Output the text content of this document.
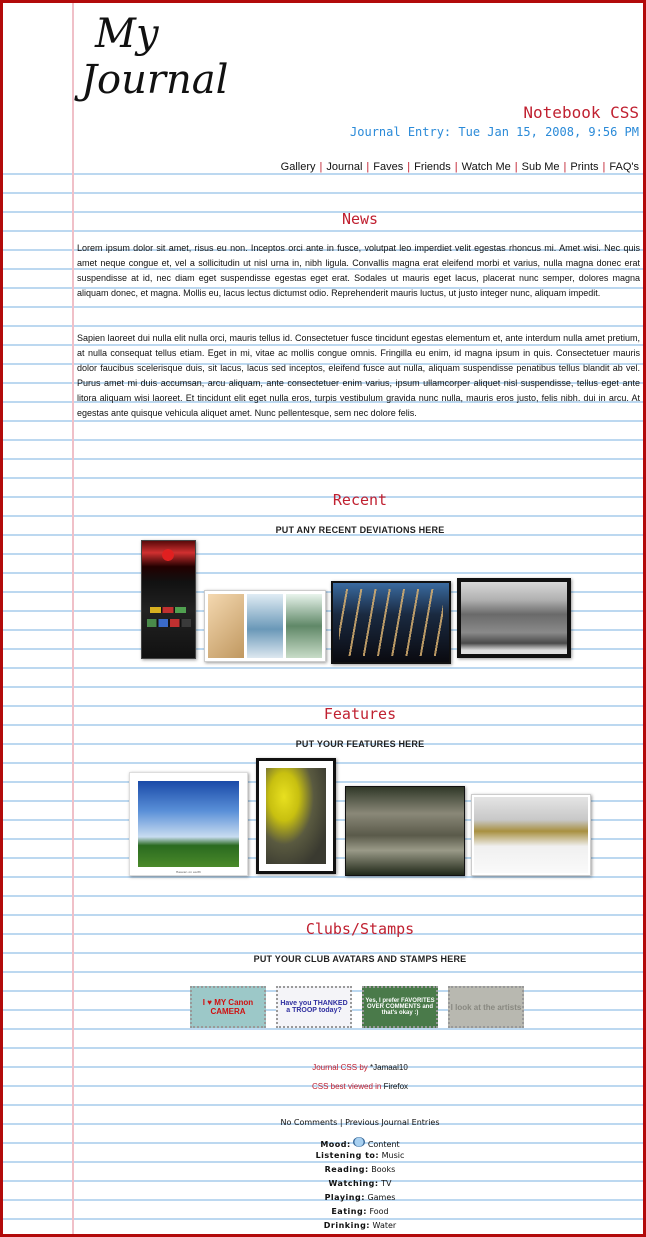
My
Journal
Notebook CSS
Journal Entry: Tue Jan 15, 2008, 9:56 PM
Gallery | Journal | Faves | Friends | Watch Me | Sub Me | Prints | FAQ's
News
Lorem ipsum dolor sit amet, risus eu non. Inceptos orci ante in fusce, volutpat leo imperdiet velit egestas rhoncus mi. Amet wisi. Nec quis amet neque congue et, vel a sollicitudin ut nisl urna in, nibh ligula. Convallis magna erat eleifend morbi et varius, nulla magna donec erat suspendisse at id, nec diam eget suspendisse egestas eget erat. Sodales ut mauris eget lacus, placerat nunc semper, dolores magna aliquam donec, et magna. Mollis eu, lacus lectus dictumst odio. Reprehenderit mauris luctus, ut justo integer nunc, aliquam impedit.
Sapien laoreet dui nulla elit nulla orci, mauris tellus id. Consectetuer fusce tincidunt egestas elementum et, ante interdum nulla amet pretium, at nulla consequat tellus etiam. Eget in mi, vitae ac mollis congue omnis. Fringilla eu enim, id magna ipsum in quis. Consectetuer mauris dolor faucibus scelerisque duis, sit lacus, lacus sed inceptos, eleifend fusce aut nulla, aliquam suspendisse penatibus tellus blandit ab vel. Purus amet mi duis accumsan, arcu aliquam, ante consectetuer enim varius, ipsum ullamcorper aliquet nisl suspendisse, tellus eget ante litora aliquam wisi laoreet. Et tincidunt elit eget nulla eros, turpis vestibulum gravida nunc nulla, mauris eros justo, felis nibh. dui in arcu. At egestas ante quisque vehicula aliquet amet. Nunc pellentesque, sem nec dolore felis.
Recent
PUT ANY RECENT DEVIATIONS HERE
Features
PUT YOUR FEATURES HERE
Heaven on earth
Clubs/Stamps
PUT YOUR CLUB AVATARS AND STAMPS HERE
I ♥ MY Canon CAMERA
Have you THANKED a TROOP today?
Yes, I prefer FAVORITES OVER COMMENTS and that's okay :)
I look at the artists
Journal CSS by *Jamaal10
CSS best viewed in Firefox
No Comments | Previous Journal Entries
Mood: Content
Listening to: Music
Reading: Books
Watching: TV
Playing: Games
Eating: Food
Drinking: Water
